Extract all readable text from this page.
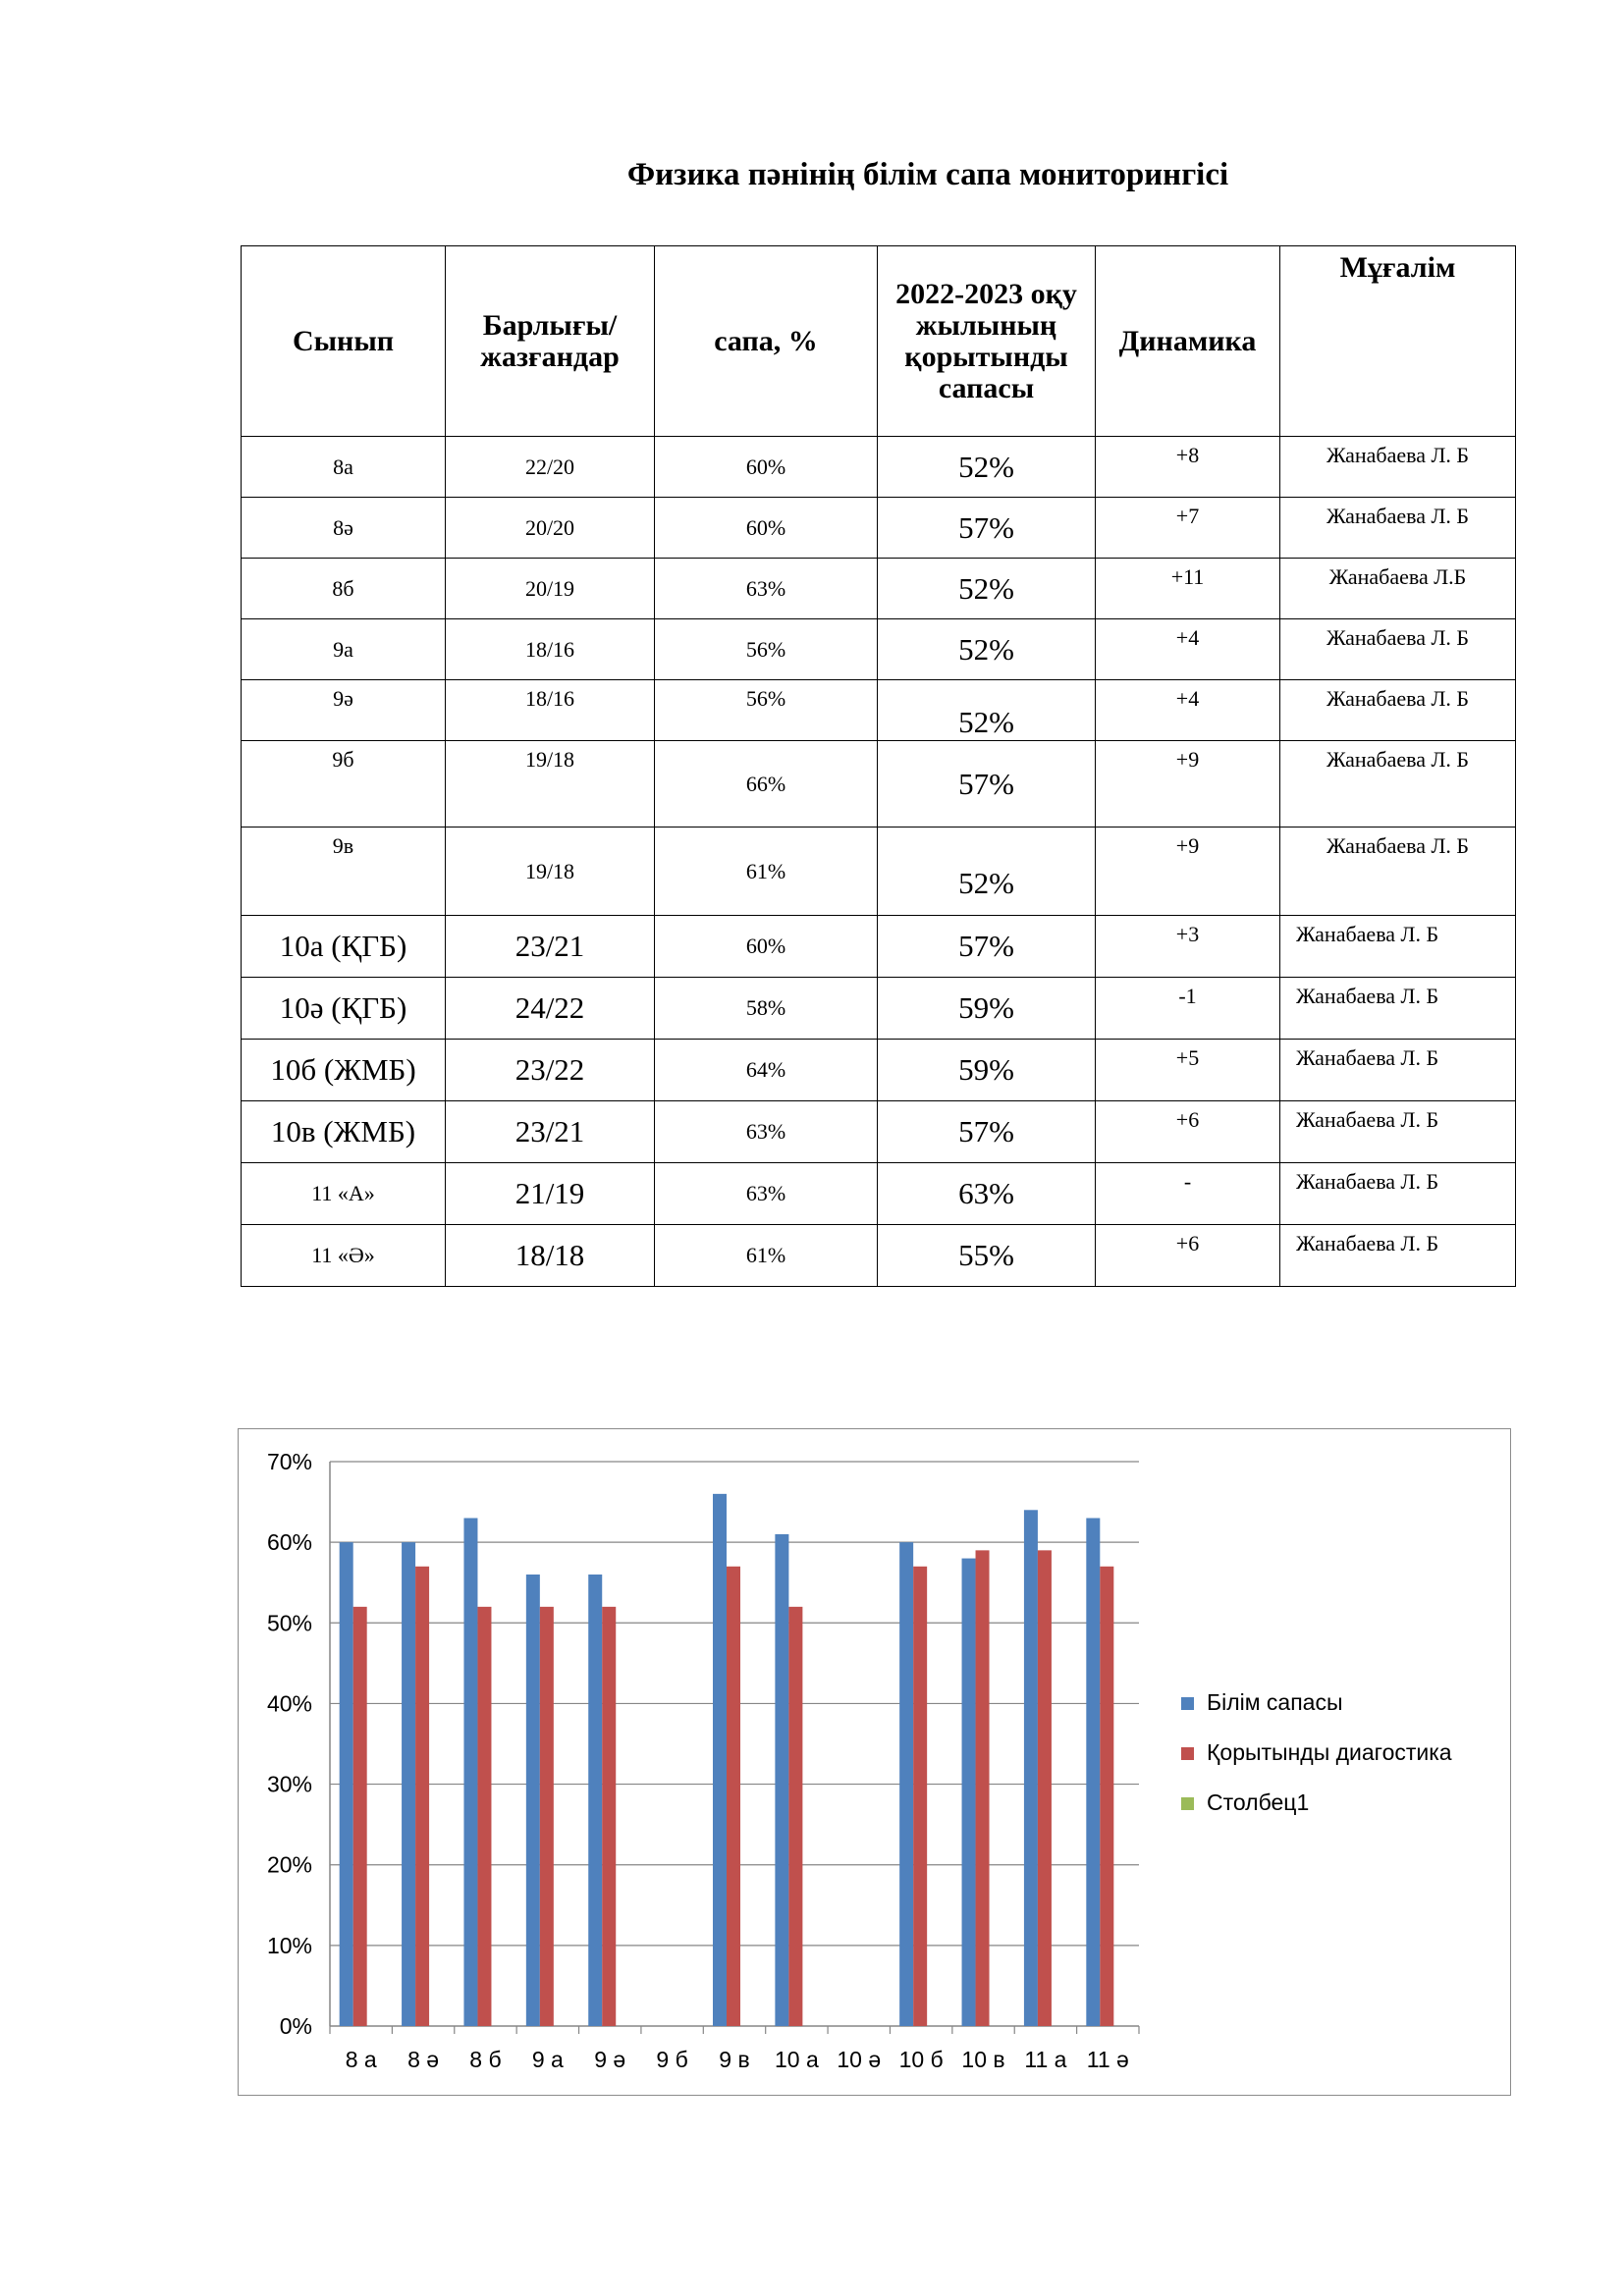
Физика пәнінің білім сапа мониторингісі
Сынып	Барлығы/ жазғандар	сапа, %	2022-2023 оқу жылының қорытынды сапасы	Динамика	Мұғалім
8а	22/20	60%	52%	+8	Жанабаева Л. Б
8ә	20/20	60%	57%	+7	Жанабаева Л. Б
8б	20/19	63%	52%	+11	Жанабаева Л.Б
9а	18/16	56%	52%	+4	Жанабаева Л. Б
9ә	18/16	56%	52%	+4	Жанабаева Л. Б
9б	19/18	66%	57%	+9	Жанабаева Л. Б
9в	19/18	61%	52%	+9	Жанабаева Л. Б
10а (ҚГБ)	23/21	60%	57%	+3	Жанабаева Л. Б
10ә (ҚГБ)	24/22	58%	59%	-1	Жанабаева Л. Б
10б (ЖМБ)	23/22	64%	59%	+5	Жанабаева Л. Б
10в (ЖМБ)	23/21	63%	57%	+6	Жанабаева Л. Б
11 «А»	21/19	63%	63%	-	Жанабаева Л. Б
11 «Ә»	18/18	61%	55%	+6	Жанабаева Л. Б
0%
10%
20%
30%
40%
50%
60%
70%
8 а 8 ә 8 б 9 а 9 ә 9 б 9 в 10 а 10 ә 10 б 10 в 11 а 11 ә
Білім сапасы
Қорытынды диагостика
Столбец1
